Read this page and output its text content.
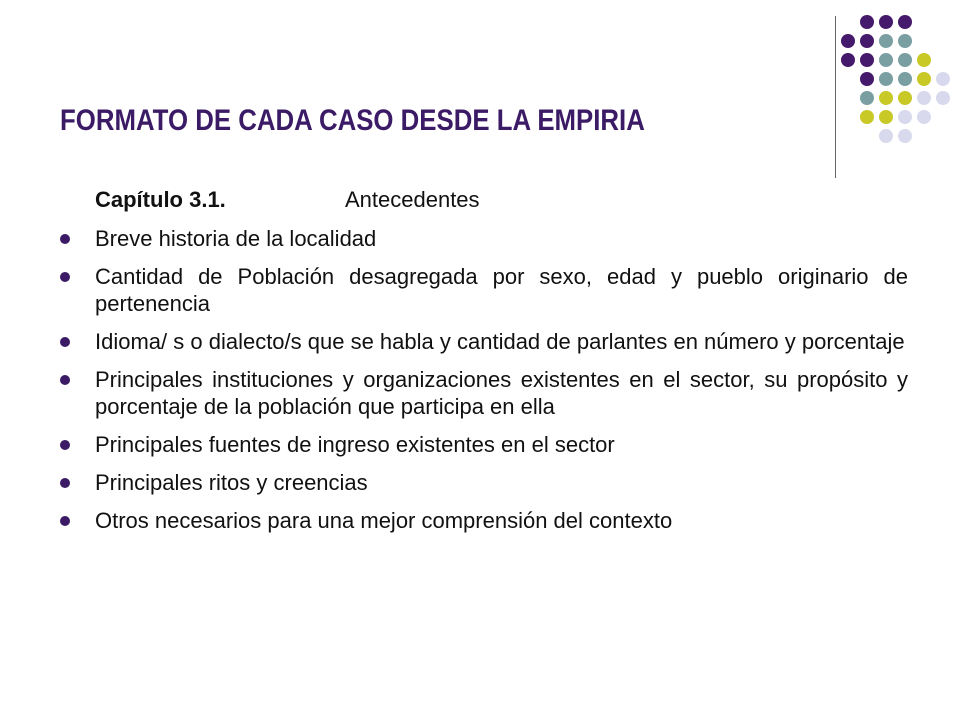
FORMATO DE CADA CASO DESDE LA EMPIRIA
Capítulo 3.1.	Antecedentes
Breve historia de la localidad
Cantidad de Población desagregada por sexo, edad y pueblo originario de pertenencia
Idioma/ s o dialecto/s que se habla y cantidad de parlantes en número y porcentaje
Principales instituciones y organizaciones existentes en el sector, su propósito y porcentaje de la población que participa en ella
Principales fuentes de ingreso existentes en el sector
Principales ritos y creencias
Otros necesarios para una mejor comprensión del contexto
